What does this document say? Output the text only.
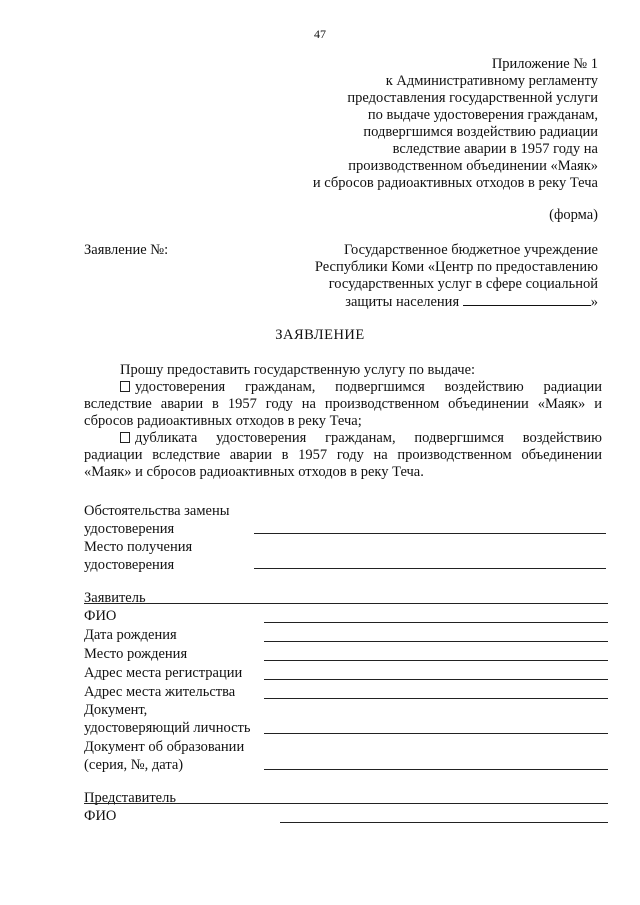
47
Приложение № 1
к Административному регламенту
предоставления государственной услуги
по выдаче удостоверения гражданам,
подвергшимся воздействию радиации
вследствие аварии в 1957 году на
производственном объединении «Маяк»
и сбросов радиоактивных отходов в реку Теча
(форма)
Заявление №:	Государственное бюджетное учреждение
Республики Коми «Центр по предоставлению
государственных услуг в сфере социальной
защиты населения	»
ЗАЯВЛЕНИЕ

Прошу предоставить государственную услугу по выдаче:

удостоверения гражданам, подвергшимся воздействию радиации вследствие аварии в 1957 году на производственном объединении «Маяк» и сбросов радиоактивных отходов в реку Теча;

дубликата удостоверения гражданам, подвергшимся воздействию радиации вследствие аварии в 1957 году на производственном объединении «Маяк» и сбросов радиоактивных отходов в реку Теча.

Обстоятельства замены
удостоверения
Место получения
удостоверения
Заявитель
ФИО
Дата рождения
Место рождения
Адрес места регистрации
Адрес места жительства
Документ,
удостоверяющий личность
Документ об образовании
(серия, №, дата)
Представитель
ФИО
